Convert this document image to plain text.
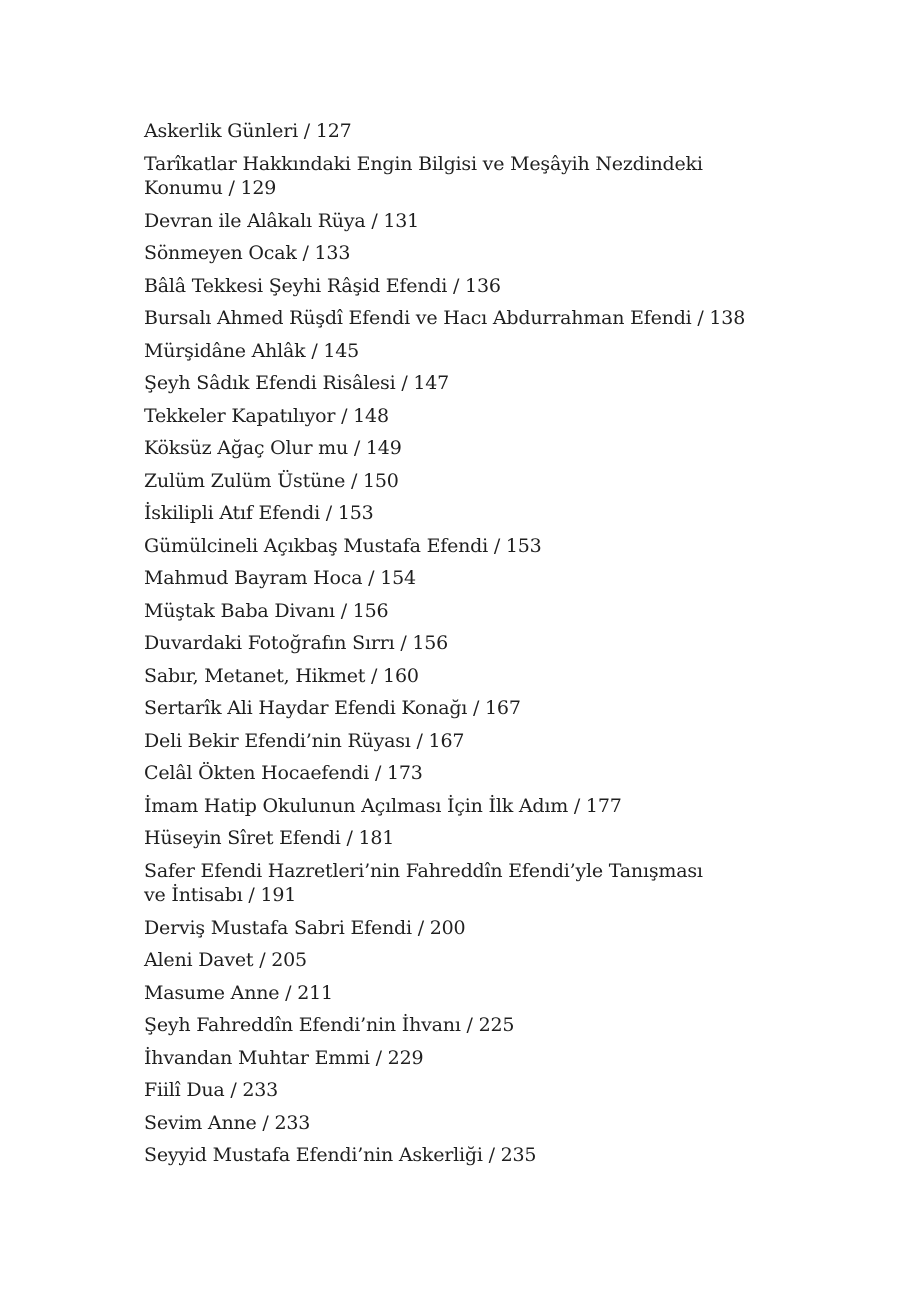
Askerlik Günleri / 127
Tarîkatlar Hakkındaki Engin Bilgisi ve Meşâyih Nezdindeki Konumu / 129
Devran ile Alâkalı Rüya / 131
Sönmeyen Ocak / 133
Bâlâ Tekkesi Şeyhi Râşid Efendi / 136
Bursalı Ahmed Rüşdî Efendi ve Hacı Abdurrahman Efendi / 138
Mürşidâne Ahlâk / 145
Şeyh Sâdık Efendi Risâlesi / 147
Tekkeler Kapatılıyor / 148
Köksüz Ağaç Olur mu / 149
Zulüm Zulüm Üstüne / 150
İskilipli Atıf Efendi / 153
Gümülcineli Açıkbaş Mustafa Efendi / 153
Mahmud Bayram Hoca / 154
Müştak Baba Divanı / 156
Duvardaki Fotoğrafın Sırrı / 156
Sabır, Metanet, Hikmet / 160
Sertarîk Ali Haydar Efendi Konağı / 167
Deli Bekir Efendi’nin Rüyası / 167
Celâl Ökten Hocaefendi / 173
İmam Hatip Okulunun Açılması İçin İlk Adım / 177
Hüseyin Sîret Efendi / 181
Safer Efendi Hazretleri’nin Fahreddîn Efendi’yle Tanışması ve İntisabı / 191
Derviş Mustafa Sabri Efendi / 200
Aleni Davet / 205
Masume Anne / 211
Şeyh Fahreddîn Efendi’nin İhvanı / 225
İhvandan Muhtar Emmi / 229
Fiilî Dua / 233
Sevim Anne / 233
Seyyid Mustafa Efendi’nin Askerliği / 235
